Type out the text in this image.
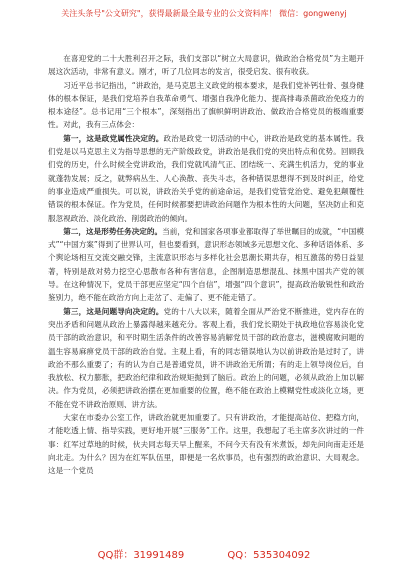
关注头条号"公文研究"，获得最新最全最专业的公文资料库！ 微信：gongwenyj

在喜迎党的二十大胜利召开之际，我们支部以“树立大局意识，做政治合格党员”为主题开展这次活动，非常有意义。刚才，听了几位同志的发言，很受启发、很有收获。

习近平总书记指出，“讲政治，是马克思主义政党的根本要求，是我们党补钙壮骨、强身健体的根本保证，是我们党培养自我革命勇气、增强自我净化能力、提高排毒杀菌政治免疫力的根本途径”。总书记用“三个根本”，深刻指出了旗帜鲜明讲政治、做政治合格党员的极端重要性。对此，我有三点体会：

第一，这是政党属性决定的。政治是政党一切活动的中心，讲政治是政党的基本属性。我们党是以马克思主义为指导思想的无产阶级政党，讲政治是我们党的突出特点和优势。回顾我们党的历史，什么时候全党讲政治，我们党就风清气正、团结统一、充满生机活力，党的事业就蓬勃发展；反之，就弊病丛生、人心涣散、丧失斗志，各种错误思想得不到及时纠正，给党的事业造成严重损失。可以说，讲政治关乎党的前途命运，是我们党管党治党、避免犯颠覆性错误的根本保证。作为党员，任何时候都要把讲政治问题作为根本性的大问题，坚决防止和克服忽视政治、淡化政治、削弱政治的倾向。

第二，这是形势任务决定的。当前，党和国家各项事业都取得了举世瞩目的成就，“中国模式”“中国方案”得到了世界认可，但也要看到，意识形态领域多元思想文化、多种话语体系、多个舆论场相互交流交融交锋，主流意识形态与多样化社会思潮长期共存，相互激荡的势日益显著，特别是敌对势力挖空心思散布各种有害信息，企图制造思想混乱、抹黑中国共产党的领导。在这种情况下，党员干部更应坚定“四个自信”，增强“四个意识”，提高政治敏锐性和政治鉴别力，绝不能在政治方向上走岔了、走偏了、更不能走错了。

第三，这是问题导向决定的。党的十八大以来，随着全面从严治党不断推进，党内存在的突出矛盾和问题从政治上暴露得越来越充分。客观上看，我们党长期处于执政地位容易淡化党员干部的政治意识，和平时期生活条件的改善容易消解党员干部的政治意志，滋模腐败问题的温生容易麻痹党员干部的政治自觉。主观上看，有的同志错误地认为以前讲政治是过时了，讲政治不那么重要了；有的认为自己是普通党员，讲不讲政治无所谓；有的走上领导岗位后，自我放松、权力膨胀，把政治纪律和政治规矩抛到了脑后。政治上的问题，必须从政治上加以解决。作为党员，必须把讲政治摆在更加重要的位置，绝不能在政治上模糊党性或淡化立场，更不能在党不讲政治原则、讲方法。

大家在市委办公室工作，讲政治就更加重要了。只有讲政治，才能提高站位、把稳方向，才能吃透上情、指导实践，更好地开展“三服务”工作。这里，我想起了毛主席多次讲过的一件事：红军过草地的时候，伙夫同志每天早上醒来，不问今天有没有米煮饭，却先问向南走还是向北走。为什么？因为在红军队伍里，即便是一名炊事员，也有强烈的政治意识、大局观念。这是一个党员

QQ群：31991489	QQ：535304092
